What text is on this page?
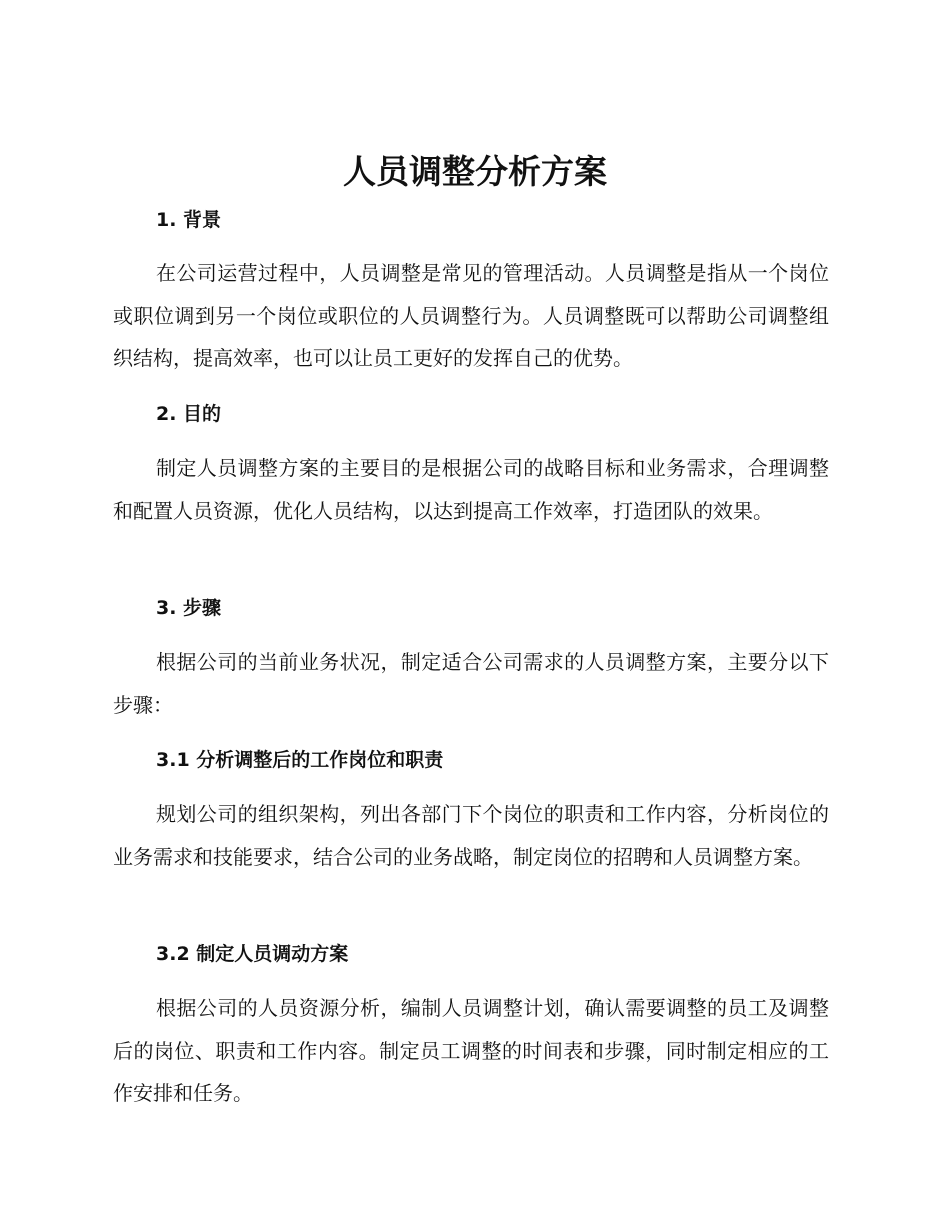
人员调整分析方案
1. 背景

在公司运营过程中，人员调整是常见的管理活动。人员调整是指从一个岗位或职位调到另一个岗位或职位的人员调整行为。人员调整既可以帮助公司调整组织结构，提高效率，也可以让员工更好的发挥自己的优势。

2. 目的

制定人员调整方案的主要目的是根据公司的战略目标和业务需求，合理调整和配置人员资源，优化人员结构，以达到提高工作效率，打造团队的效果。

3. 步骤

根据公司的当前业务状况，制定适合公司需求的人员调整方案，主要分以下步骤：

3.1 分析调整后的工作岗位和职责

规划公司的组织架构，列出各部门下个岗位的职责和工作内容，分析岗位的业务需求和技能要求，结合公司的业务战略，制定岗位的招聘和人员调整方案。

3.2 制定人员调动方案

根据公司的人员资源分析，编制人员调整计划，确认需要调整的员工及调整后的岗位、职责和工作内容。制定员工调整的时间表和步骤，同时制定相应的工作安排和任务。
